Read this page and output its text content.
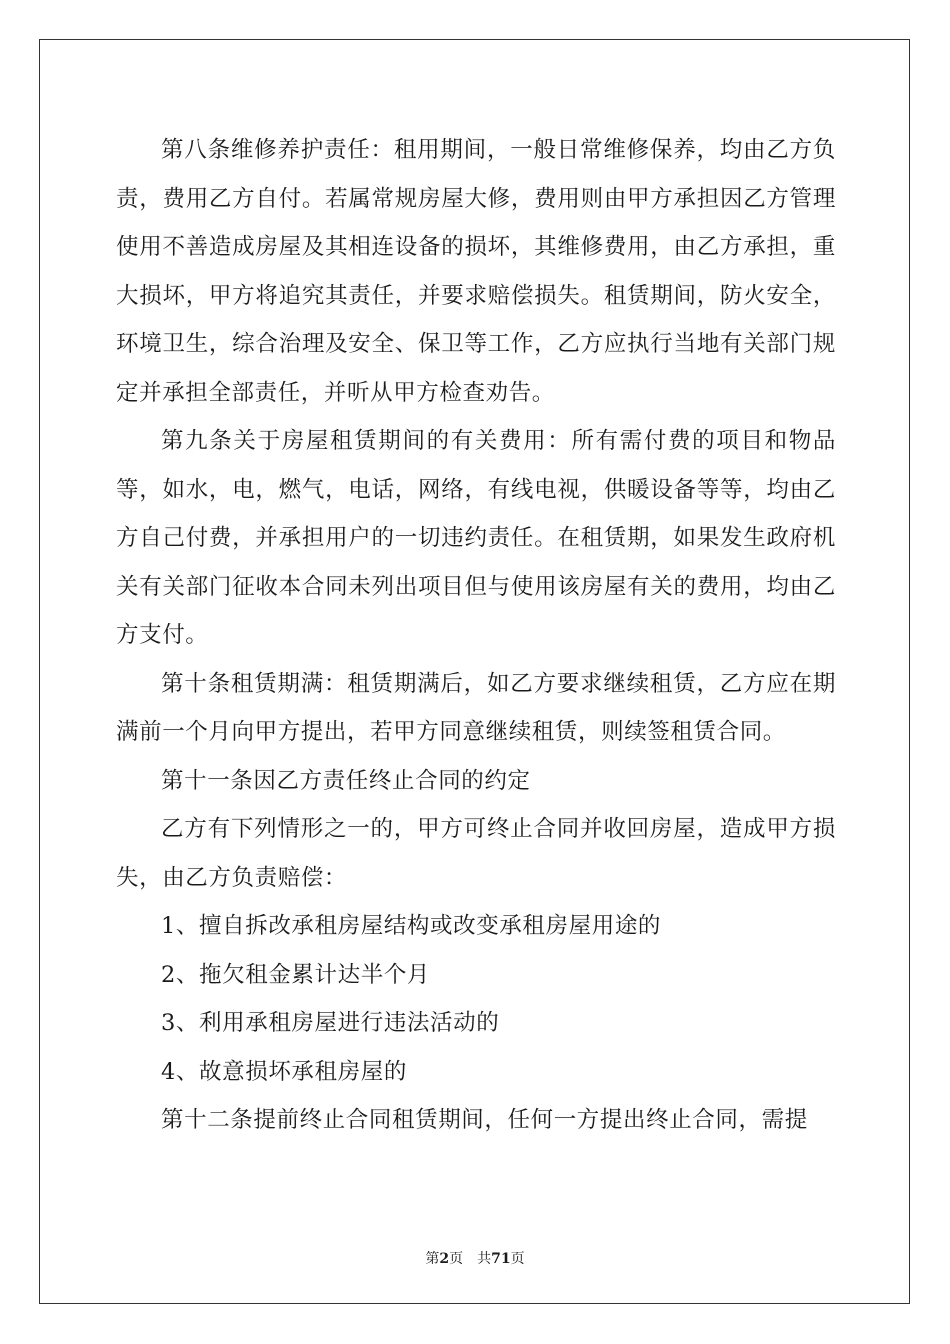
第八条维修养护责任：租用期间，一般日常维修保养，均由乙方负责，费用乙方自付。若属常规房屋大修，费用则由甲方承担因乙方管理使用不善造成房屋及其相连设备的损坏，其维修费用，由乙方承担，重大损坏，甲方将追究其责任，并要求赔偿损失。租赁期间，防火安全，环境卫生，综合治理及安全、保卫等工作，乙方应执行当地有关部门规定并承担全部责任，并听从甲方检查劝告。

第九条关于房屋租赁期间的有关费用：所有需付费的项目和物品等，如水，电，燃气，电话，网络，有线电视，供暖设备等等，均由乙方自己付费，并承担用户的一切违约责任。在租赁期，如果发生政府机关有关部门征收本合同未列出项目但与使用该房屋有关的费用，均由乙方支付。

第十条租赁期满：租赁期满后，如乙方要求继续租赁，乙方应在期满前一个月向甲方提出，若甲方同意继续租赁，则续签租赁合同。

第十一条因乙方责任终止合同的约定

乙方有下列情形之一的，甲方可终止合同并收回房屋，造成甲方损失，由乙方负责赔偿：

1、擅自拆改承租房屋结构或改变承租房屋用途的

2、拖欠租金累计达半个月

3、利用承租房屋进行违法活动的

4、故意损坏承租房屋的

第十二条提前终止合同租赁期间，任何一方提出终止合同，需提

第2页 共71页
